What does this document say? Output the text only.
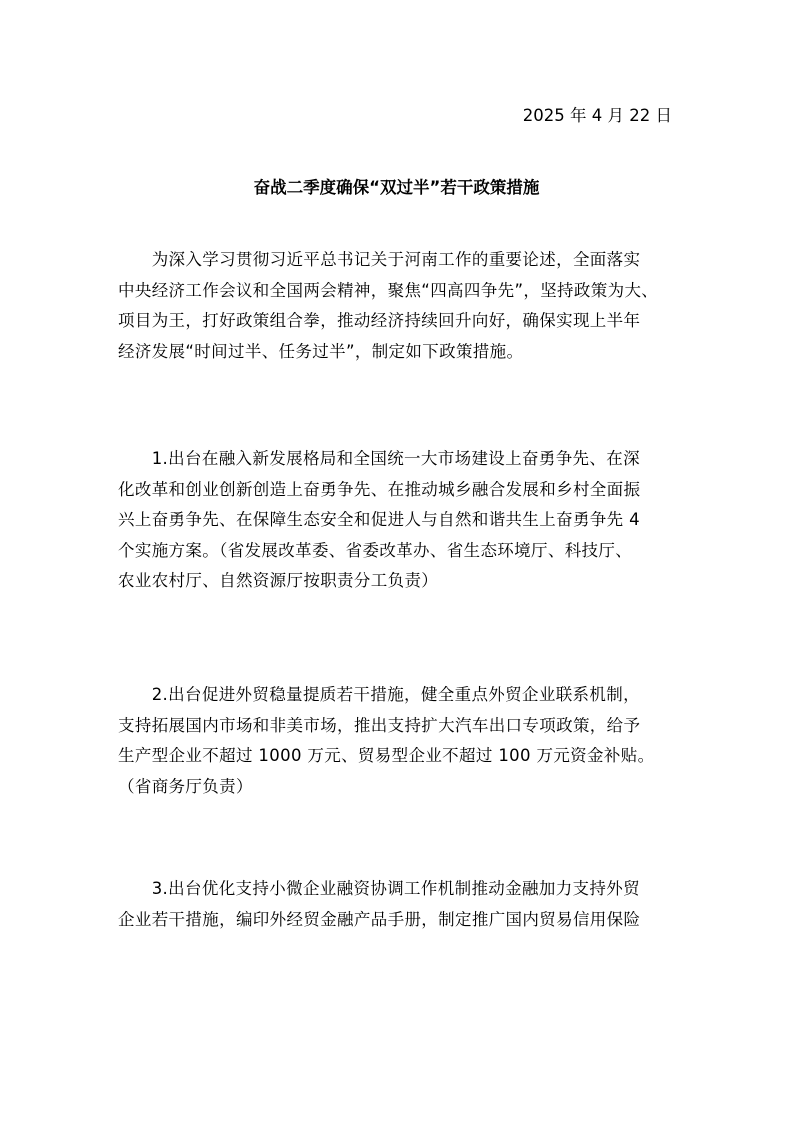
2025 年 4 月 22 日
奋战二季度确保“双过半”若干政策措施
　　为深入学习贯彻习近平总书记关于河南工作的重要论述，全面落实
中央经济工作会议和全国两会精神，聚焦“四高四争先”，坚持政策为大、
项目为王，打好政策组合拳，推动经济持续回升向好，确保实现上半年
经济发展“时间过半、任务过半”，制定如下政策措施。
　　1.出台在融入新发展格局和全国统一大市场建设上奋勇争先、在深
化改革和创业创新创造上奋勇争先、在推动城乡融合发展和乡村全面振
兴上奋勇争先、在保障生态安全和促进人与自然和谐共生上奋勇争先 4
个实施方案。（省发展改革委、省委改革办、省生态环境厅、科技厅、
农业农村厅、自然资源厅按职责分工负责）
　　2.出台促进外贸稳量提质若干措施，健全重点外贸企业联系机制，
支持拓展国内市场和非美市场，推出支持扩大汽车出口专项政策，给予
生产型企业不超过 1000 万元、贸易型企业不超过 100 万元资金补贴。
（省商务厅负责）
　　3.出台优化支持小微企业融资协调工作机制推动金融加力支持外贸
企业若干措施，编印外经贸金融产品手册，制定推广国内贸易信用保险
